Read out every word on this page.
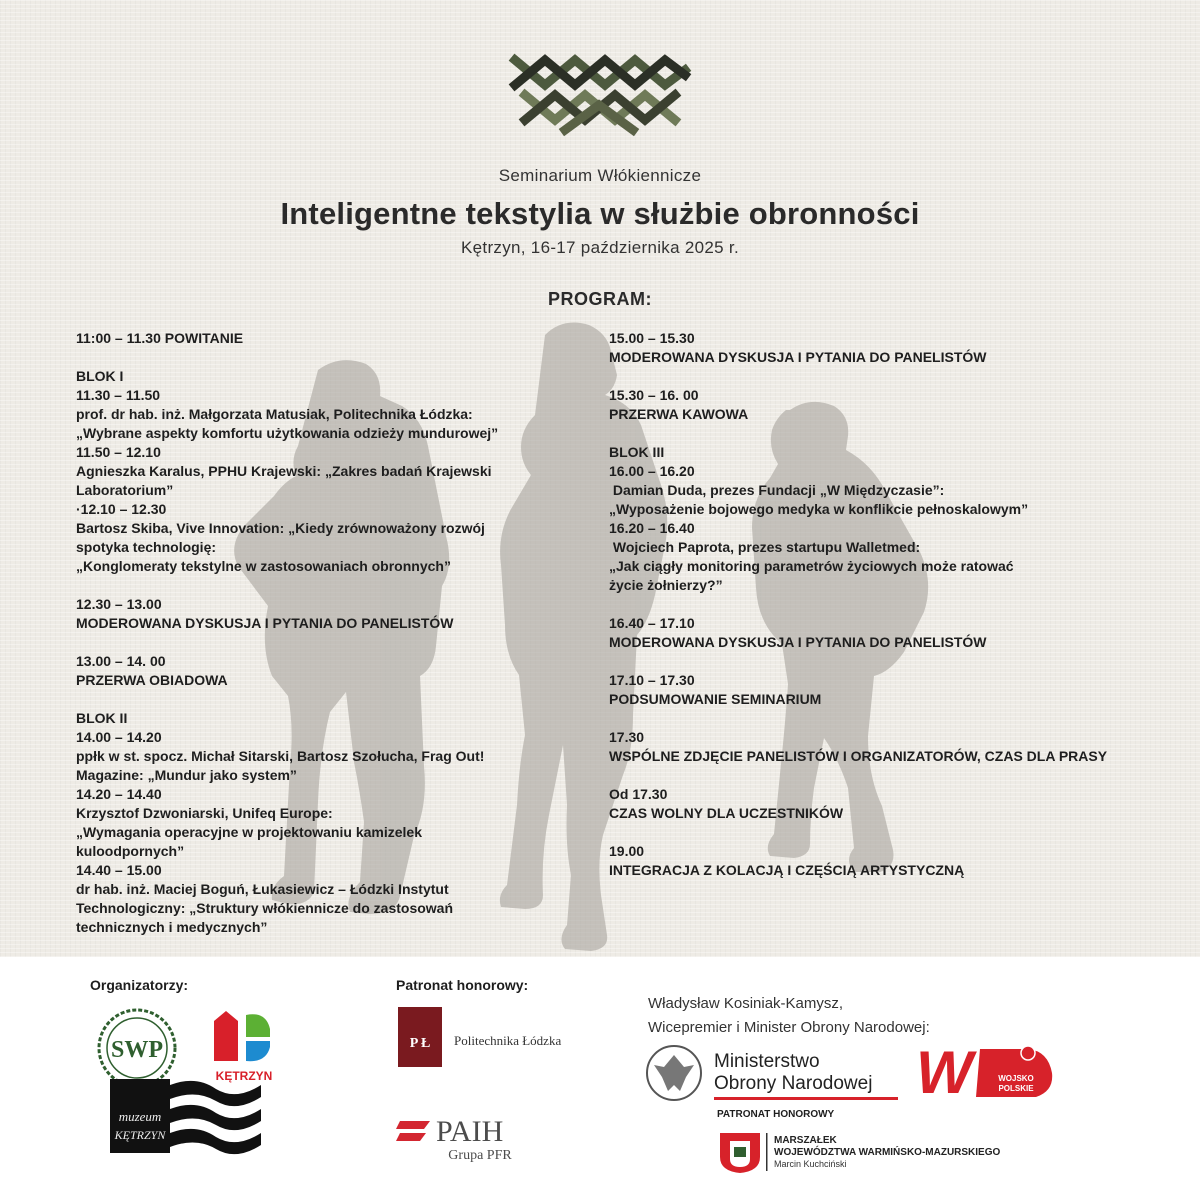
Seminarium Włókiennicze
Inteligentne tekstylia w służbie obronności
Kętrzyn, 16-17 października 2025 r.
PROGRAM:
11:00 – 11.30 POWITANIE
BLOK I
11.30 – 11.50
prof. dr hab. inż. Małgorzata Matusiak, Politechnika Łódzka:
„Wybrane aspekty komfortu użytkowania odzieży mundurowej”
11.50 – 12.10
Agnieszka Karalus, PPHU Krajewski: „Zakres badań Krajewski
Laboratorium”
·12.10 – 12.30
Bartosz Skiba, Vive Innovation: „Kiedy zrównoważony rozwój
spotyka technologię:
„Konglomeraty tekstylne w zastosowaniach obronnych”
12.30 – 13.00
MODEROWANA DYSKUSJA I PYTANIA DO PANELISTÓW
13.00 – 14. 00
PRZERWA OBIADOWA
BLOK II
14.00 – 14.20
ppłk w st. spocz. Michał Sitarski, Bartosz Szołucha, Frag Out!
Magazine: „Mundur jako system”
14.20 – 14.40
Krzysztof Dzwoniarski, Unifeq Europe:
„Wymagania operacyjne w projektowaniu kamizelek
kuloodpornych”
14.40 – 15.00
dr hab. inż. Maciej Boguń, Łukasiewicz – Łódzki Instytut
Technologiczny: „Struktury włókiennicze do zastosowań
technicznych i medycznych”
15.00 – 15.30
MODEROWANA DYSKUSJA I PYTANIA DO PANELISTÓW
15.30 – 16. 00
PRZERWA KAWOWA
BLOK III
16.00 – 16.20
Damian Duda, prezes Fundacji „W Międzyczasie”:
„Wyposażenie bojowego medyka w konflikcie pełnoskalowym”
16.20 – 16.40
Wojciech Paprota, prezes startupu Walletmed:
„Jak ciągły monitoring parametrów życiowych może ratować
życie żołnierzy?”
16.40 – 17.10
MODEROWANA DYSKUSJA I PYTANIA DO PANELISTÓW
17.10 – 17.30
PODSUMOWANIE SEMINARIUM
17.30
WSPÓLNE ZDJĘCIE PANELISTÓW I ORGANIZATORÓW, CZAS DLA PRASY
Od 17.30
CZAS WOLNY DLA UCZESTNIKÓW
19.00
INTEGRACJA Z KOLACJĄ I CZĘŚCIĄ ARTYSTYCZNĄ
Organizatorzy:	Patronat honorowy:
SWP
KĘTRZYN
muzeum
KĘTRZYN
P Ł Politechnika Łódzka
PAIH
Grupa PFR
Władysław Kosiniak-Kamysz,
Wicepremier i Minister Obrony Narodowej:
Ministerstwo
Obrony Narodowej W	WOJSKO
POLSKIE
PATRONAT HONOROWY
MARSZAŁEK
WOJEWÓDZTWA WARMIŃSKO-MAZURSKIEGO
Marcin Kuchciński
